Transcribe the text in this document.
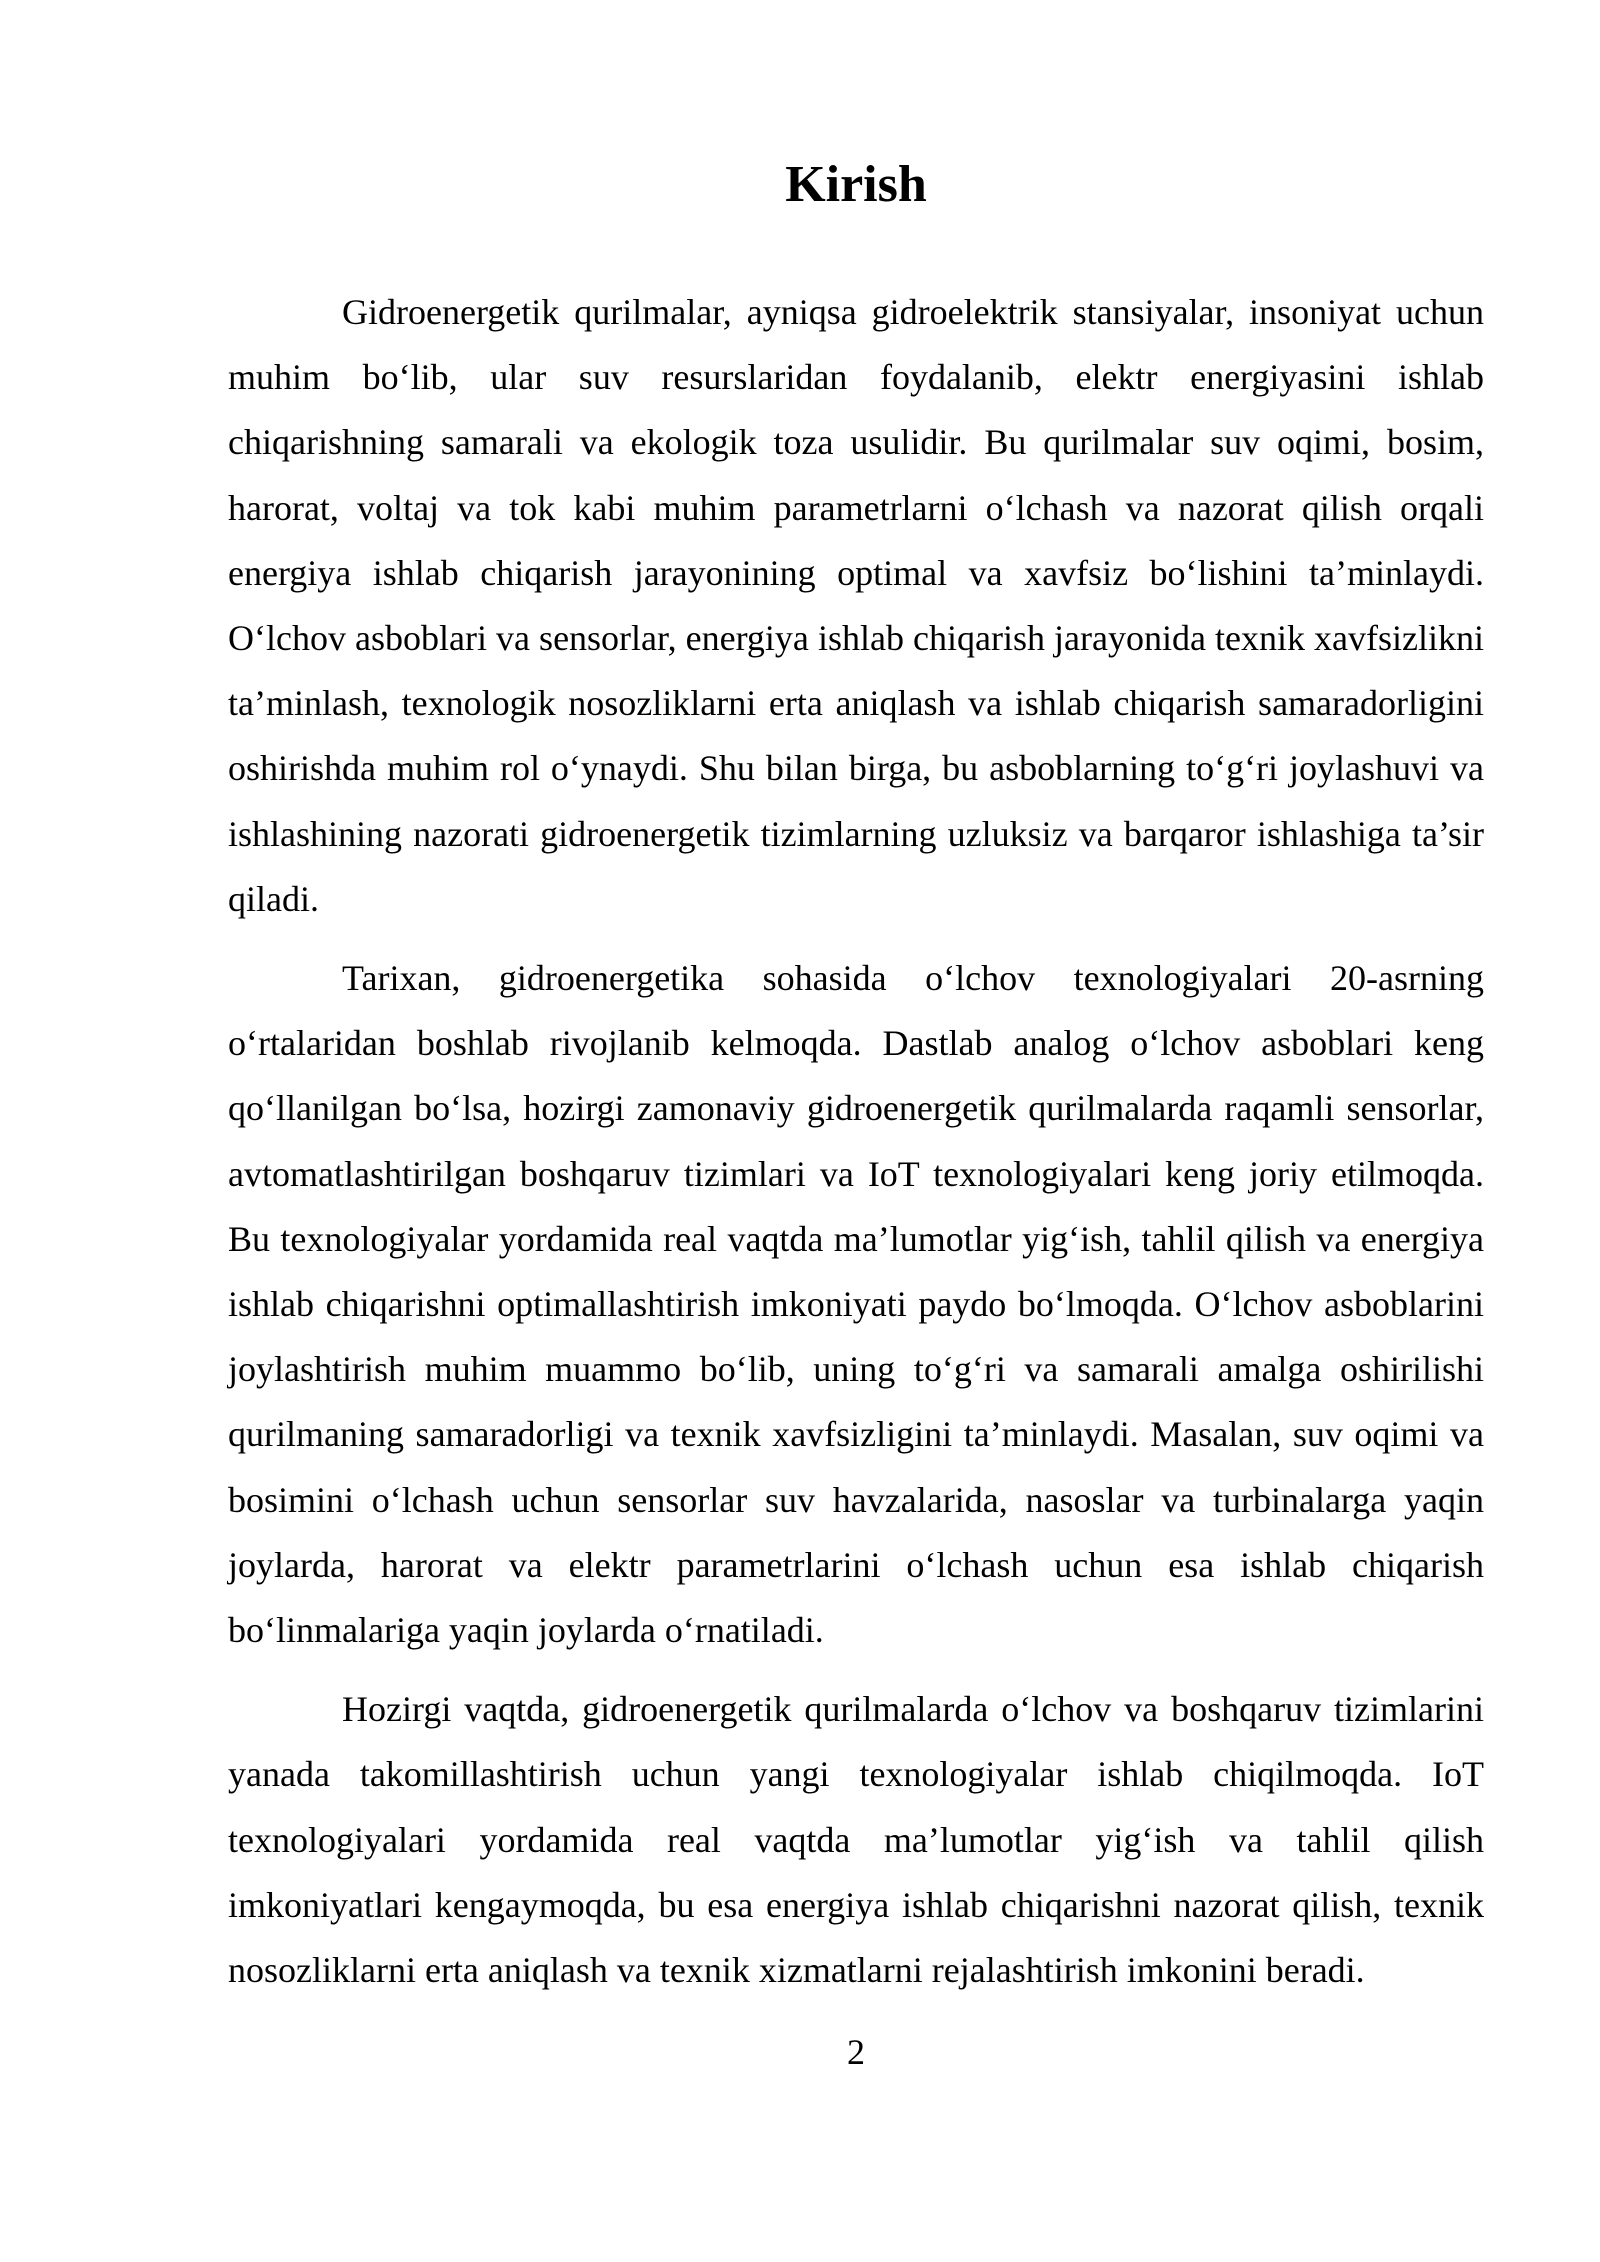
Kirish

Gidroenergetik qurilmalar, ayniqsa gidroelektrik stansiyalar, insoniyat uchun muhim bo‘lib, ular suv resurslaridan foydalanib, elektr energiyasini ishlab chiqarishning samarali va ekologik toza usulidir. Bu qurilmalar suv oqimi, bosim, harorat, voltaj va tok kabi muhim parametrlarni o‘lchash va nazorat qilish orqali energiya ishlab chiqarish jarayonining optimal va xavfsiz bo‘lishini ta’minlaydi. O‘lchov asboblari va sensorlar, energiya ishlab chiqarish jarayonida texnik xavfsizlikni ta’minlash, texnologik nosozliklarni erta aniqlash va ishlab chiqarish samaradorligini oshirishda muhim rol o‘ynaydi. Shu bilan birga, bu asboblarning to‘g‘ri joylashuvi va ishlashining nazorati gidroenergetik tizimlarning uzluksiz va barqaror ishlashiga ta’sir qiladi.

Tarixan, gidroenergetika sohasida o‘lchov texnologiyalari 20-asrning o‘rtalaridan boshlab rivojlanib kelmoqda. Dastlab analog o‘lchov asboblari keng qo‘llanilgan bo‘lsa, hozirgi zamonaviy gidroenergetik qurilmalarda raqamli sensorlar, avtomatlashtirilgan boshqaruv tizimlari va IoT texnologiyalari keng joriy etilmoqda. Bu texnologiyalar yordamida real vaqtda ma’lumotlar yig‘ish, tahlil qilish va energiya ishlab chiqarishni optimallashtirish imkoniyati paydo bo‘lmoqda. O‘lchov asboblarini joylashtirish muhim muammo bo‘lib, uning to‘g‘ri va samarali amalga oshirilishi qurilmaning samaradorligi va texnik xavfsizligini ta’minlaydi. Masalan, suv oqimi va bosimini o‘lchash uchun sensorlar suv havzalarida, nasoslar va turbinalarga yaqin joylarda, harorat va elektr parametrlarini o‘lchash uchun esa ishlab chiqarish bo‘linmalariga yaqin joylarda o‘rnatiladi.

Hozirgi vaqtda, gidroenergetik qurilmalarda o‘lchov va boshqaruv tizimlarini yanada takomillashtirish uchun yangi texnologiyalar ishlab chiqilmoqda. IoT texnologiyalari yordamida real vaqtda ma’lumotlar yig‘ish va tahlil qilish imkoniyatlari kengaymoqda, bu esa energiya ishlab chiqarishni nazorat qilish, texnik nosozliklarni erta aniqlash va texnik xizmatlarni rejalashtirish imkonini beradi.

2
